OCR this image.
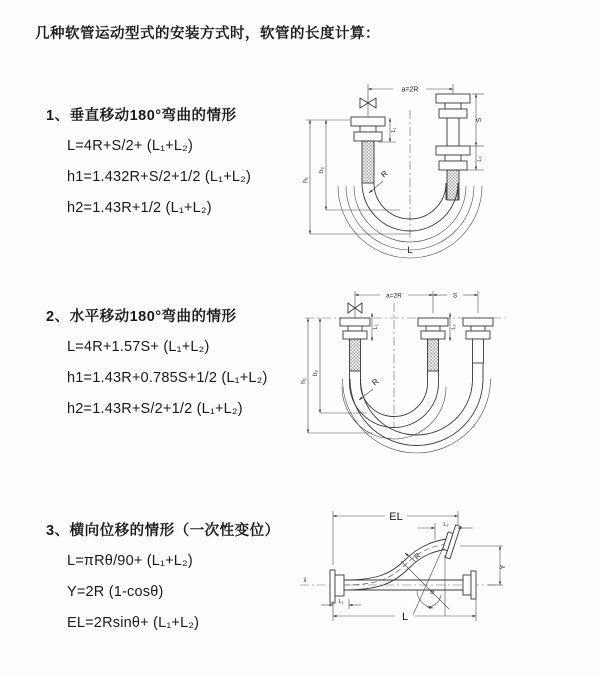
几种软管运动型式的安装方式时，软管的长度计算：
1、垂直移动180°弯曲的情形
L=4R+S/2+ (L₁+L₂)
h1=1.432R+S/2+1/2 (L₁+L₂)
h2=1.43R+1/2 (L₁+L₂)
a=2R
h₁
h₂
L₁
S
L₂
R
L
2、水平移动180°弯曲的情形
L=4R+1.57S+ (L₁+L₂)
h1=1.43R+0.785S+1/2 (L₁+L₂)
h2=1.43R+S/2+1/2 (L₁+L₂)
a=2R	S
L₁	L₂
h₁
h₂
R
3、横向位移的情形（一次性变位）
L=πRθ/90+ (L₁+L₂)
Y=2R (1-cosθ)
EL=2Rsinθ+ (L₁+L₂)
x̄
θ
R
EL
L₂
Y
L
L₁
